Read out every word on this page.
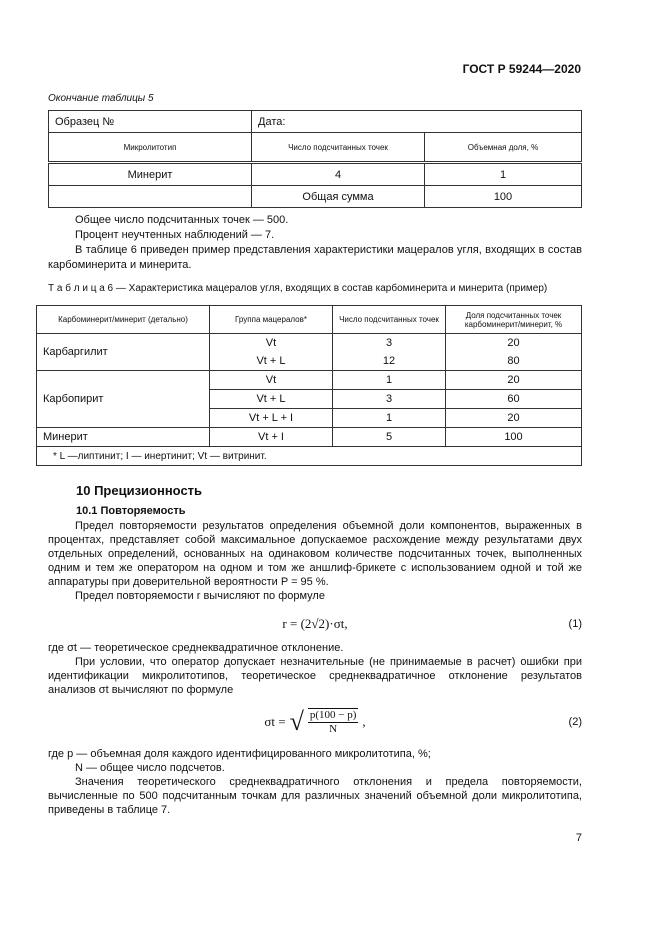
ГОСТ Р 59244—2020
Окончание таблицы 5
Образец №	Дата:	
Микролитотип	Число подсчитанных точек	Объемная доля, %
Минерит	4	1
	Общая сумма	100
Общее число подсчитанных точек — 500.
Процент неучтенных наблюдений — 7.
В таблице 6 приведен пример представления характеристики мацералов угля, входящих в состав карбоминерита и минерита.
Т а б л и ц а 6 — Характеристика мацералов угля, входящих в состав карбоминерита и минерита (пример)
Карбоминерит/минерит (детально)	Группа мацералов*	Число подсчитанных точек	Доля подсчитанных точек карбоминерит/минерит, %
Карбаргилит	Vt	3	20
	Vt + L	12	80
Карбопирит	Vt	1	20
	Vt + L	3	60
	Vt + L + I	1	20
Минерит	Vt + I	5	100
* L —липтинит; I — инертинит; Vt — витринит.			
10 Прецизионность
10.1 Повторяемость
Предел повторяемости результатов определения объемной доли компонентов, выраженных в процентах, представляет собой максимальное допускаемое расхождение между результатами двух отдельных определений, основанных на одинаковом количестве подсчитанных точек, выполненных одним и тем же оператором на одном и том же аншлиф-брикете с использованием одной и той же аппаратуры при доверительной вероятности P = 95 %.
Предел повторяемости r вычисляют по формуле
r = (2√2)·σt,	(1)
где σt — теоретическое среднеквадратичное отклонение.
При условии, что оператор допускает незначительные (не принимаемые в расчет) ошибки при идентификации микролитотипов, теоретическое среднеквадратичное отклонение результатов анализов σt вычисляют по формуле
σt = √ $\frac{p(100 - p)}{N}$ ,	(2)
где p — объемная доля каждого идентифицированного микролитотипа, %;
N — общее число подсчетов.
Значения теоретического среднеквадратичного отклонения и предела повторяемости, вычисленные по 500 подсчитанным точкам для различных значений объемной доли микролитотипа, приведены в таблице 7.
7
